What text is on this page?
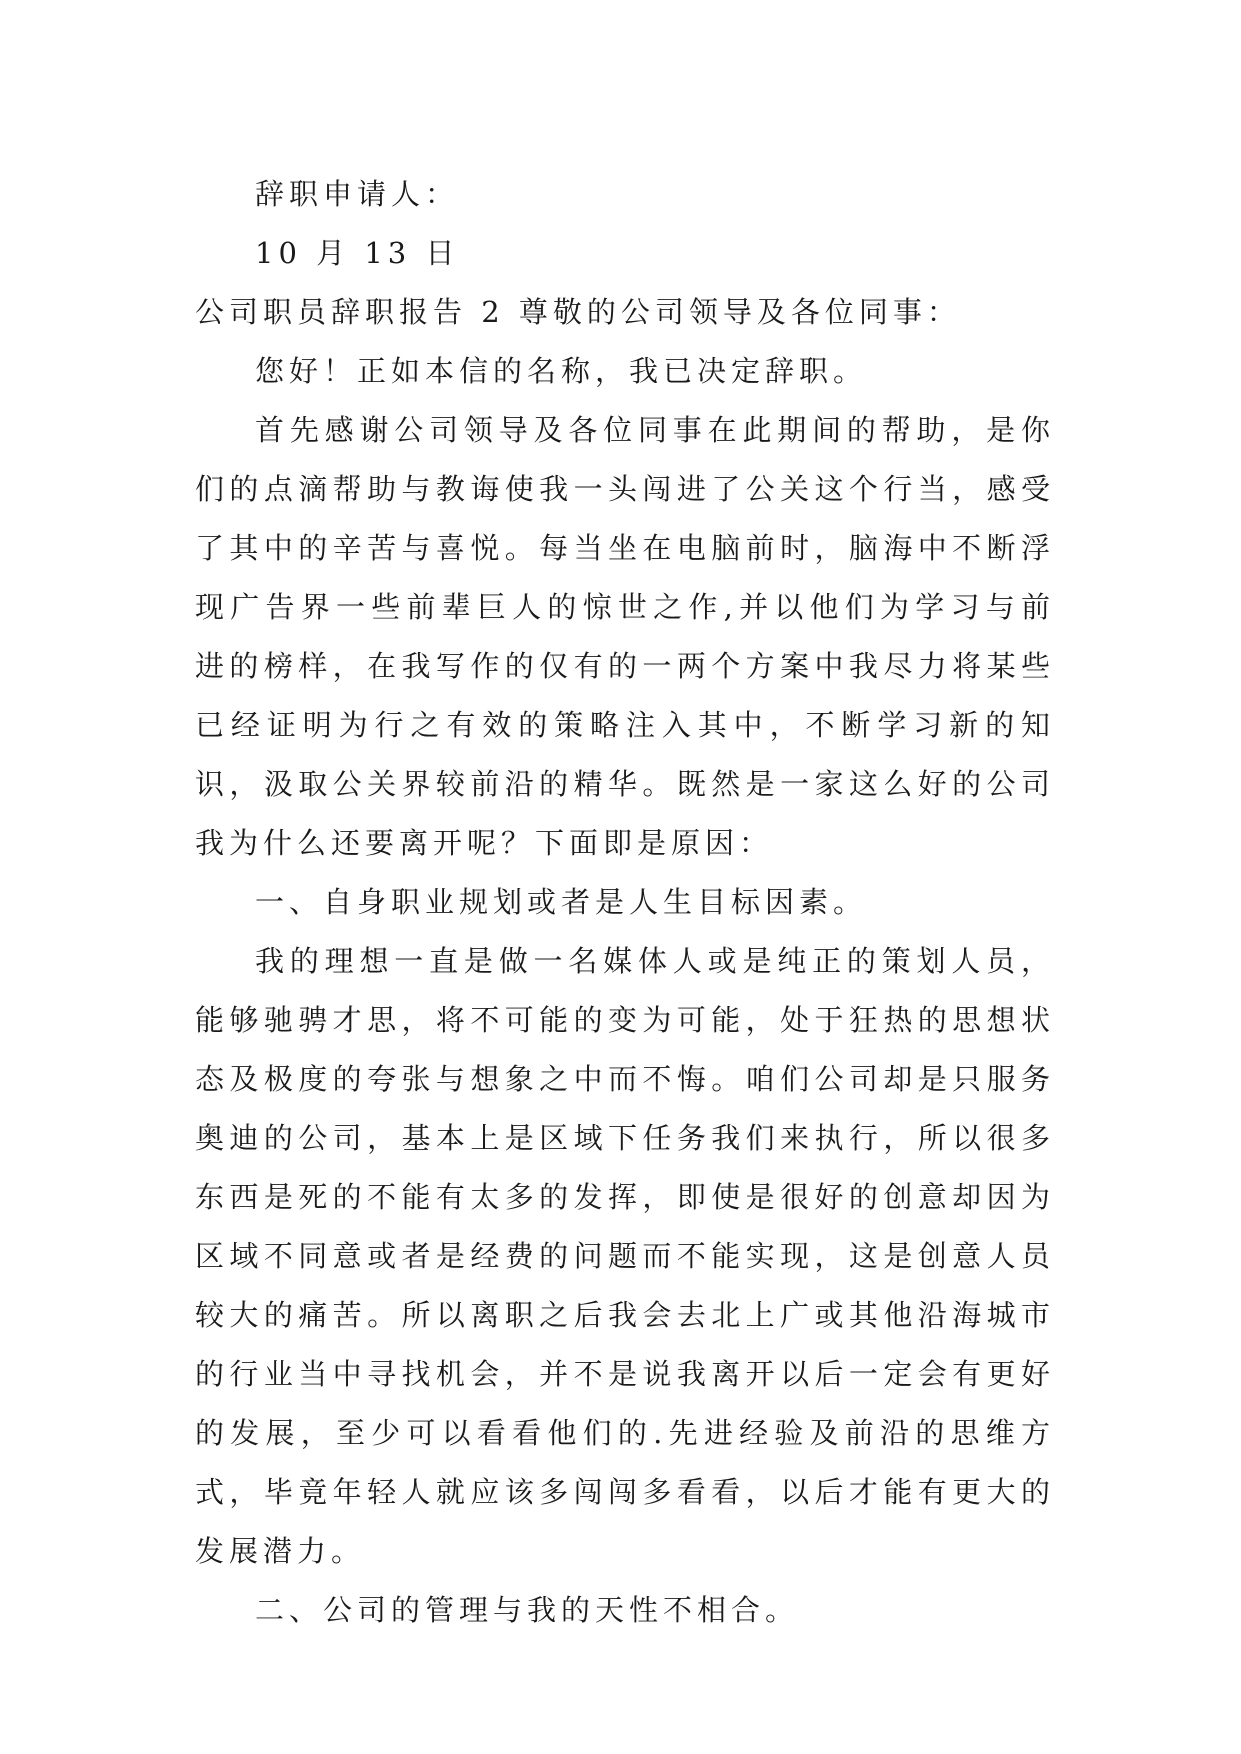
辞职申请人：

10 月 13 日

公司职员辞职报告 2 尊敬的公司领导及各位同事：

您好！正如本信的名称，我已决定辞职。

首先感谢公司领导及各位同事在此期间的帮助，是你们的点滴帮助与教诲使我一头闯进了公关这个行当，感受了其中的辛苦与喜悦。每当坐在电脑前时，脑海中不断浮现广告界一些前辈巨人的惊世之作,并以他们为学习与前进的榜样，在我写作的仅有的一两个方案中我尽力将某些已经证明为行之有效的策略注入其中，不断学习新的知识，汲取公关界较前沿的精华。既然是一家这么好的公司我为什么还要离开呢？下面即是原因：

一、自身职业规划或者是人生目标因素。

我的理想一直是做一名媒体人或是纯正的策划人员，能够驰骋才思，将不可能的变为可能，处于狂热的思想状态及极度的夸张与想象之中而不悔。咱们公司却是只服务奥迪的公司，基本上是区域下任务我们来执行，所以很多东西是死的不能有太多的发挥，即使是很好的创意却因为区域不同意或者是经费的问题而不能实现，这是创意人员较大的痛苦。所以离职之后我会去北上广或其他沿海城市的行业当中寻找机会，并不是说我离开以后一定会有更好的发展，至少可以看看他们的.先进经验及前沿的思维方式，毕竟年轻人就应该多闯闯多看看，以后才能有更大的发展潜力。

二、公司的管理与我的天性不相合。
